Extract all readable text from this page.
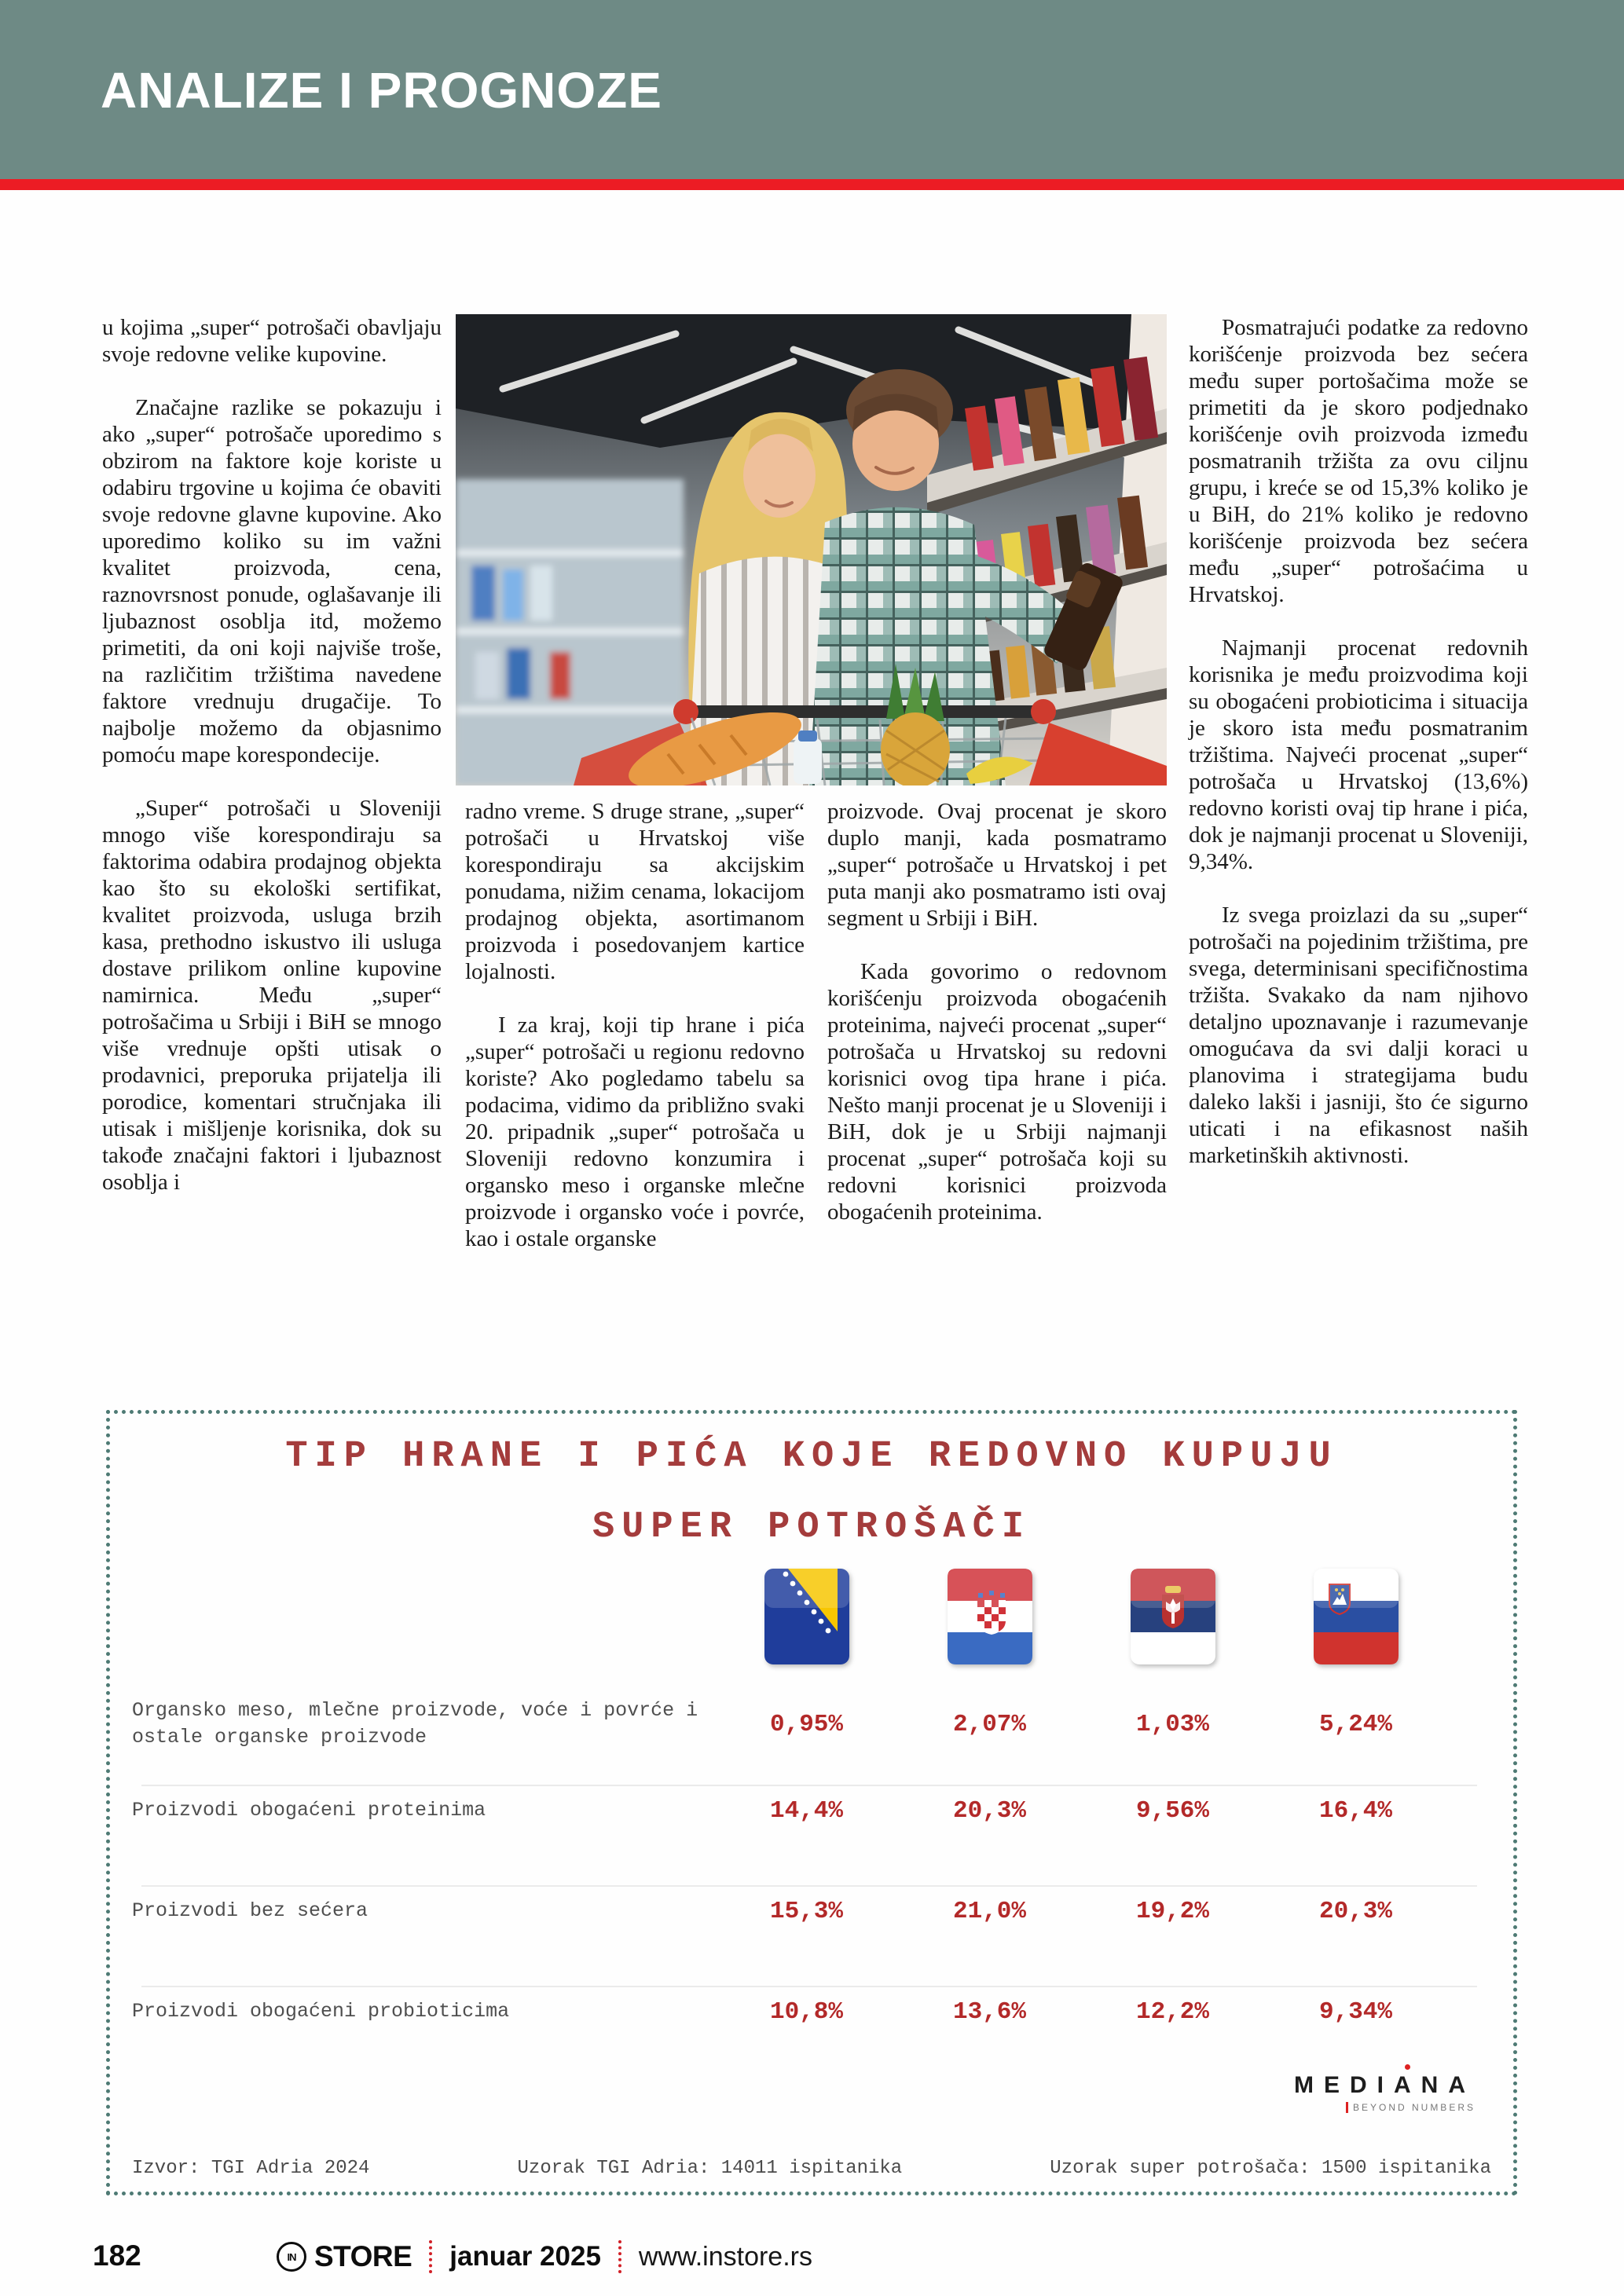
ANALIZE I PROGNOZE

u kojima „super“ potrošači obavljaju svoje redovne velike kupovine.

Značajne razlike se pokazuju i ako „super“ potrošače uporedimo s obzirom na faktore koje koriste u odabiru trgovine u kojima će obaviti svoje redovne glavne kupovine. Ako uporedimo koliko su im važni kvalitet proizvoda, cena, raznovrsnost ponude, oglašavanje ili ljubaznost osoblja itd, možemo primetiti, da oni koji najviše troše, na različitim tržištima navedene faktore vrednuju drugačije. To najbolje možemo da objasnimo pomoću mape korespondecije.

„Super“ potrošači u Sloveniji mnogo više korespondiraju sa faktorima odabira prodajnog objekta kao što su ekološki sertifikat, kvalitet proizvoda, usluga brzih kasa, prethodno iskustvo ili usluga dostave prilikom online kupovine namirnica. Među „super“ potrošačima u Srbiji i BiH se mnogo više vrednuje opšti utisak o prodavnici, preporuka prijatelja ili porodice, komentari stručnjaka ili utisak i mišljenje korisnika, dok su takođe značajni faktori i ljubaznost osoblja i

radno vreme. S druge strane, „super“ potrošači u Hrvatskoj više korespondiraju sa akcijskim ponudama, nižim cenama, lokacijom prodajnog objekta, asortimanom proizvoda i posedovanjem kartice lojalnosti.

I za kraj, koji tip hrane i pića „super“ potrošači u regionu redovno koriste? Ako pogledamo tabelu sa podacima, vidimo da približno svaki 20. pripadnik „super“ potrošača u Sloveniji redovno konzumira i organsko meso i organske mlečne proizvode i organsko voće i povrće, kao i ostale organske

proizvode. Ovaj procenat je skoro duplo manji, kada posmatramo „super“ potrošače u Hrvatskoj i pet puta manji ako posmatramo isti ovaj segment u Srbiji i BiH.

Kada govorimo o redovnom korišćenju proizvoda obogaćenih proteinima, najveći procenat „super“ potrošača u Hrvatskoj su redovni korisnici ovog tipa hrane i pića. Nešto manji procenat je u Sloveniji i BiH, dok je u Srbiji najmanji procenat „super“ potrošača koji su redovni korisnici proizvoda obogaćenih proteinima.

Posmatrajući podatke za redovno korišćenje proizvoda bez sećera među super portošačima može se primetiti da je skoro podjednako korišćenje ovih proizvoda između posmatranih tržišta za ovu ciljnu grupu, i kreće se od 15,3% koliko je u BiH, do 21% koliko je redovno korišćenje proizvoda bez sećera među „super“ potrošaćima u Hrvatskoj.

Najmanji procenat redovnih korisnika je među proizvodima koji su obogaćeni probioticima i situacija je skoro ista među posmatranim tržištima. Najveći procenat „super“ potrošača u Hrvatskoj (13,6%) redovno koristi ovaj tip hrane i pića, dok je najmanji procenat u Sloveniji, 9,34%.

Iz svega proizlazi da su „super“ potrošači na pojedinim tržištima, pre svega, determinisani specifičnostima tržišta. Svakako da nam njihovo detaljno upoznavanje i razumevanje omogućava da svi dalji koraci u planovima i strategijama budu daleko lakši i jasniji, što će sigurno uticati i na efikasnost naših marketinških aktivnosti.

TIP HRANE I PIĆA KOJE REDOVNO KUPUJU
SUPER POTROŠAČI
Organsko meso, mlečne proizvode, voće i povrće i ostale organske proizvode	0,95%	2,07%	1,03%	5,24%
Proizvodi obogaćeni proteinima	14,4%	20,3%	9,56%	16,4%
Proizvodi bez sećera	15,3%	21,0%	19,2%	20,3%
Proizvodi obogaćeni probioticima	10,8%	13,6%	12,2%	9,34%
MEDIANA

BEYOND NUMBERS
Izvor: TGI Adria 2024	Uzorak TGI Adria: 14011 ispitanika	Uzorak super potrošača: 1500 ispitanika
182	IN STORE januar 2025 www.instore.rs
